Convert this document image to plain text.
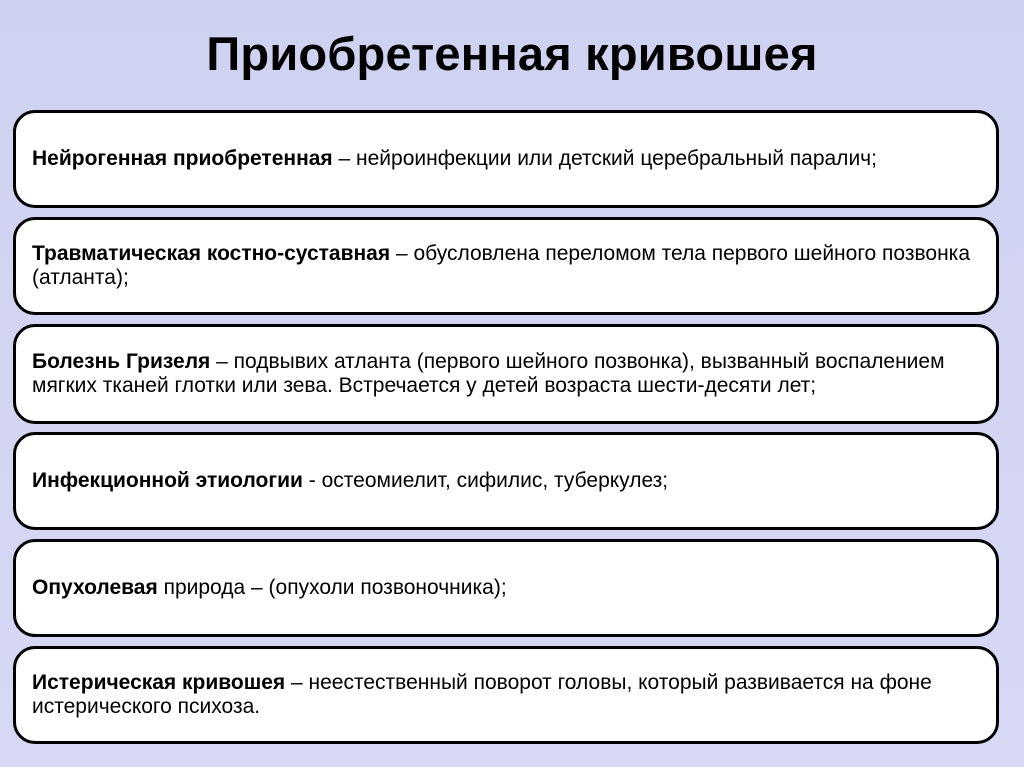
Приобретенная кривошея
Нейрогенная приобретенная – нейроинфекции или детский церебральный паралич;
Травматическая костно-суставная – обусловлена переломом тела первого шейного позвонка (атланта);
Болезнь Гризеля – подвывих атланта (первого шейного позвонка), вызванный воспалением мягких тканей глотки или зева. Встречается у детей возраста шести-десяти лет;
Инфекционной этиологии - остеомиелит, сифилис, туберкулез;
Опухолевая природа – (опухоли позвоночника);
Истерическая кривошея – неестественный поворот головы, который развивается на фоне истерического психоза.
